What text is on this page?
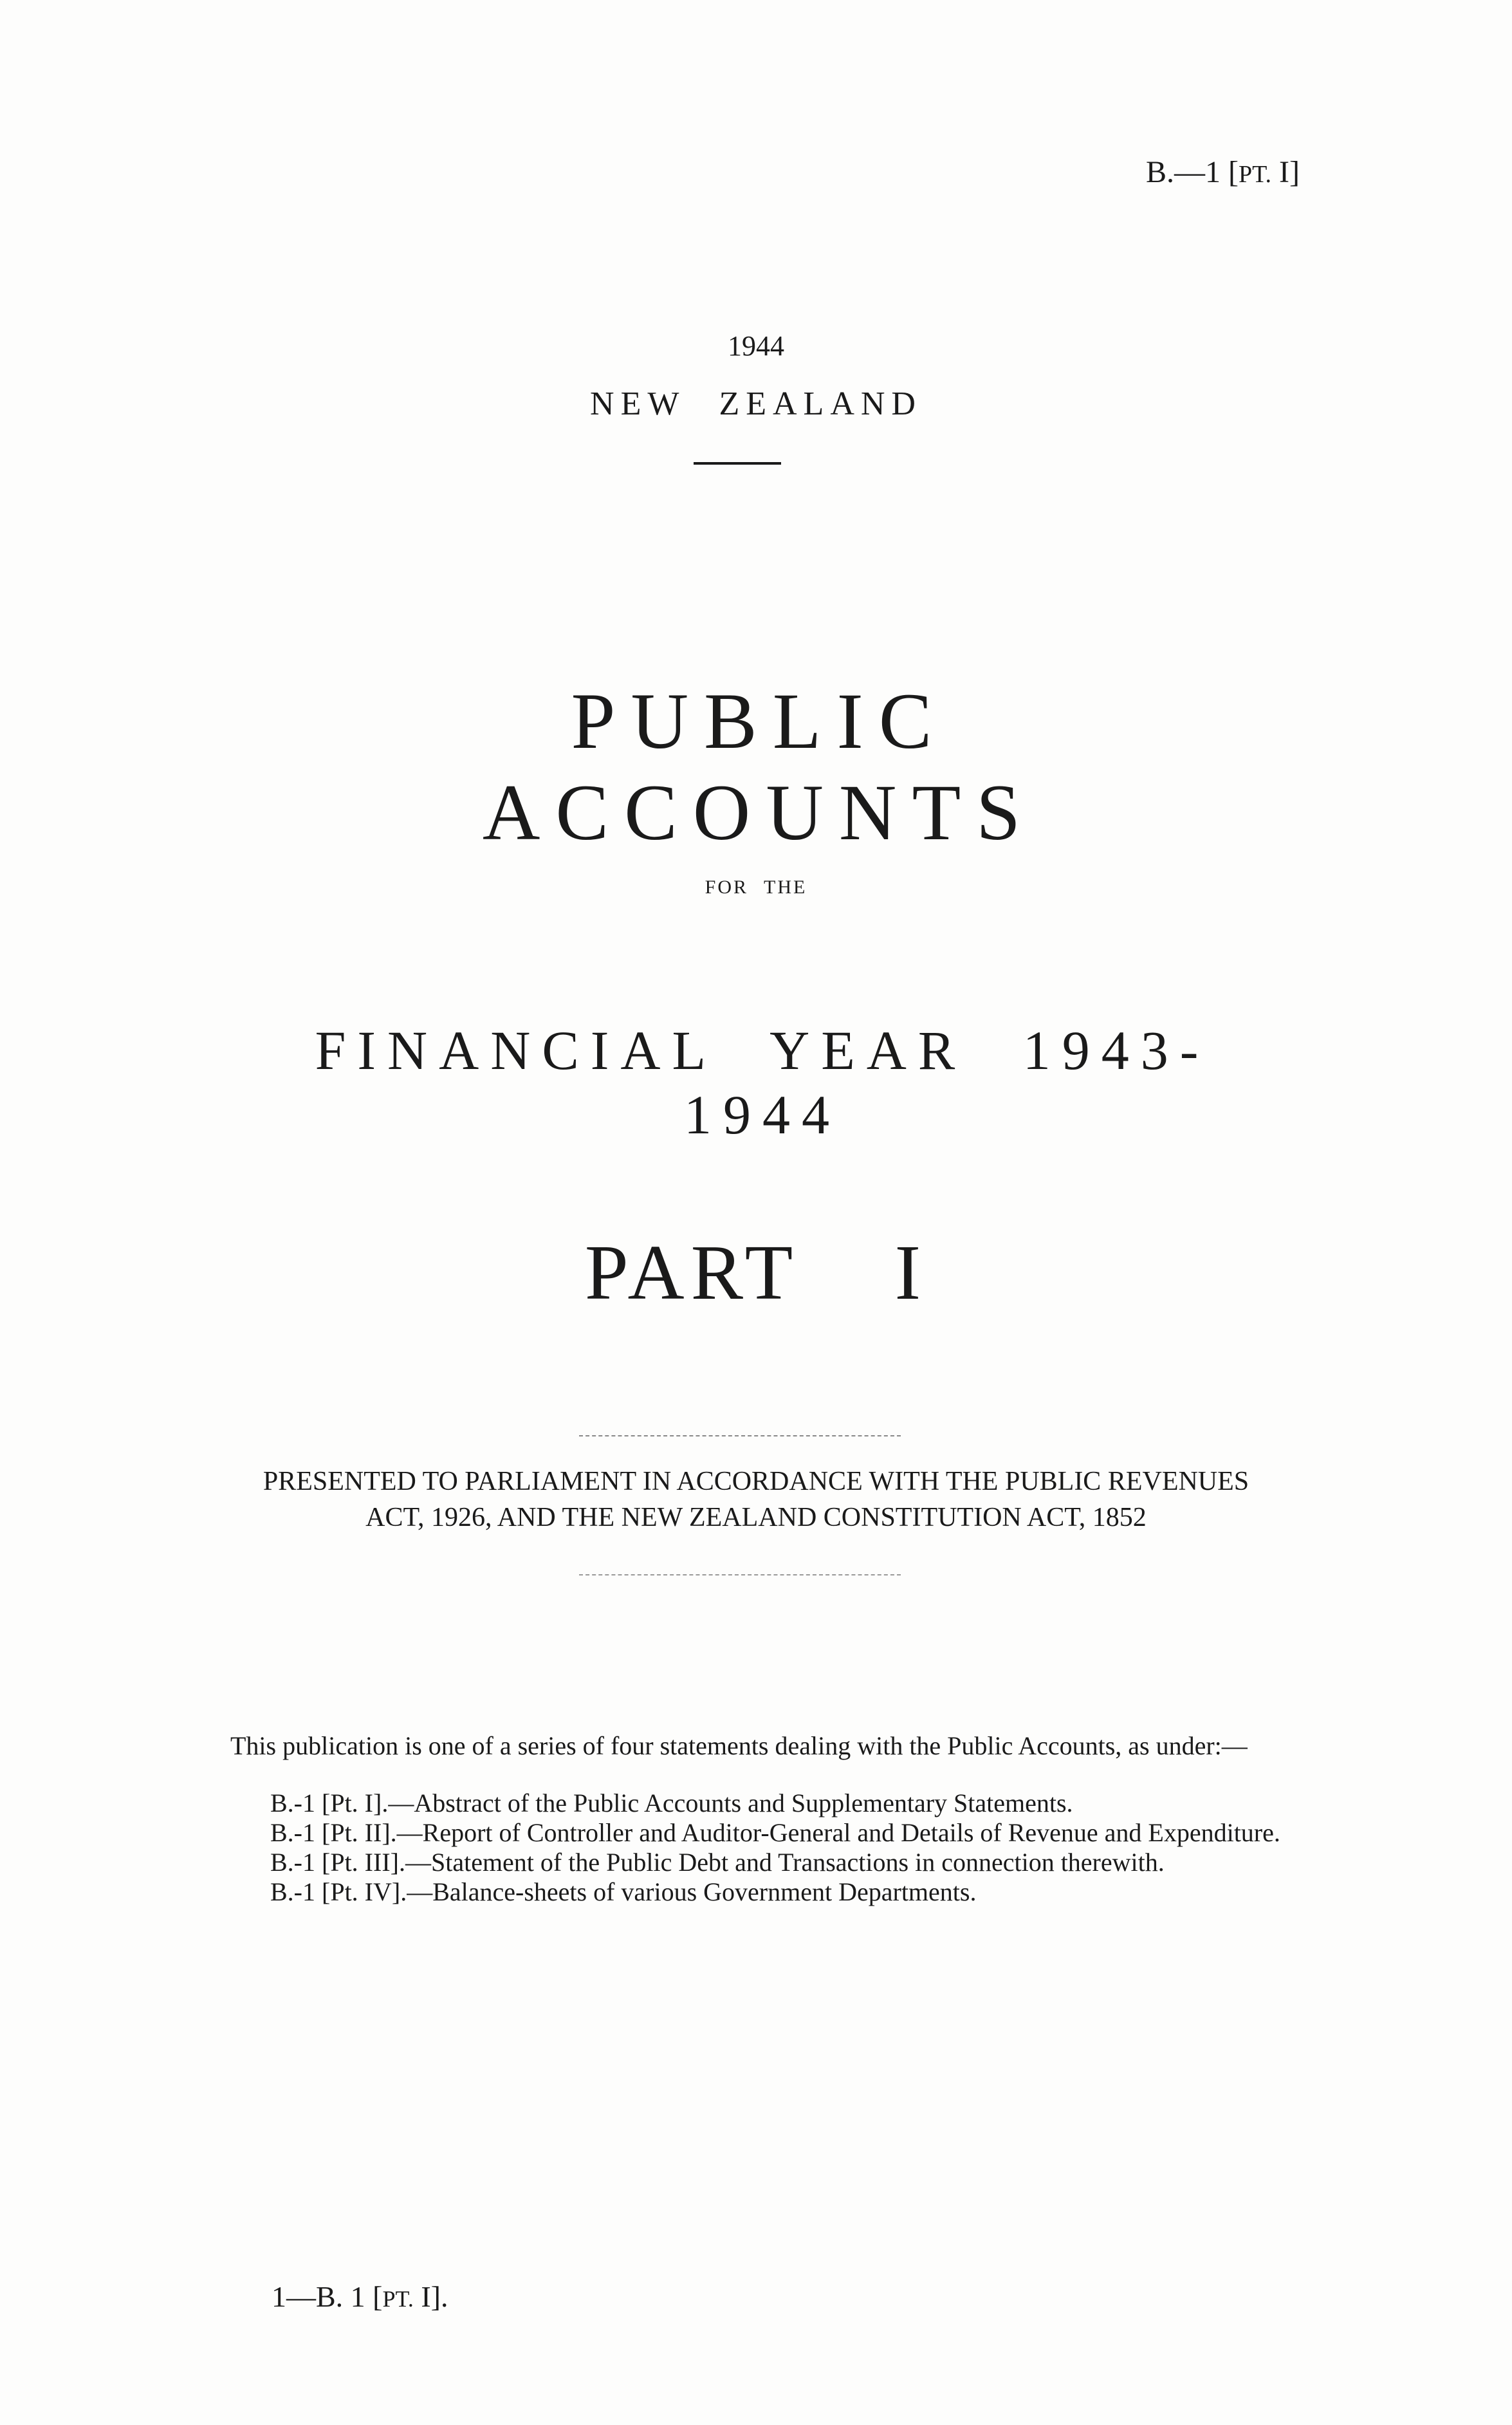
B.—1 [PT. I]
1944
NEW ZEALAND
PUBLIC ACCOUNTS
FOR THE
FINANCIAL YEAR 1943-1944
PART I
PRESENTED TO PARLIAMENT IN ACCORDANCE WITH THE PUBLIC REVENUES
ACT, 1926, AND THE NEW ZEALAND CONSTITUTION ACT, 1852
This publication is one of a series of four statements dealing with the Public Accounts, as under:—
B.-1 [Pt. I].—Abstract of the Public Accounts and Supplementary Statements.
B.-1 [Pt. II].—Report of Controller and Auditor-General and Details of Revenue and Expenditure.
B.-1 [Pt. III].—Statement of the Public Debt and Transactions in connection therewith.
B.-1 [Pt. IV].—Balance-sheets of various Government Departments.
1—B. 1 [PT. I].
